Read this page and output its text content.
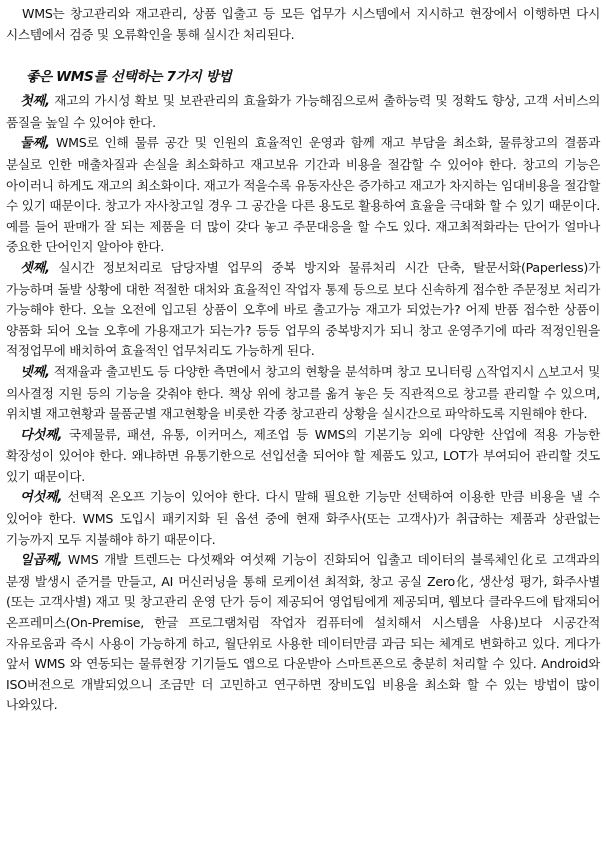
WMS는 창고관리와 재고관리, 상품 입출고 등 모든 업무가 시스템에서 지시하고 현장에서 이행하면 다시 시스템에서 검증 및 오류확인을 통해 실시간 처리된다.

좋은 WMS를 선택하는 7가지 방법

첫째, 재고의 가시성 확보 및 보관관리의 효율화가 가능해짐으로써 출하능력 및 정확도 향상, 고객 서비스의 품질을 높일 수 있어야 한다.

둘째, WMS로 인해 물류 공간 및 인원의 효율적인 운영과 함께 재고 부담을 최소화, 물류창고의 결품과 분실로 인한 매출차질과 손실을 최소화하고 재고보유 기간과 비용을 절감할 수 있어야 한다. 창고의 기능은 아이러니 하게도 재고의 최소화이다. 재고가 적을수록 유동자산은 증가하고 재고가 차지하는 임대비용을 절감할 수 있기 때문이다. 창고가 자사창고일 경우 그 공간을 다른 용도로 활용하여 효율을 극대화 할 수 있기 때문이다. 예를 들어 판매가 잘 되는 제품을 더 많이 갖다 놓고 주문대응을 할 수도 있다. 재고최적화라는 단어가 얼마나 중요한 단어인지 알아야 한다.

셋째, 실시간 정보처리로 담당자별 업무의 중복 방지와 물류처리 시간 단축, 탈문서화(Paperless)가 가능하며 돌발 상황에 대한 적절한 대처와 효율적인 작업자 통제 등으로 보다 신속하게 접수한 주문정보 처리가 가능해야 한다. 오늘 오전에 입고된 상품이 오후에 바로 출고가능 재고가 되었는가? 어제 반품 접수한 상품이 양품화 되어 오늘 오후에 가용재고가 되는가? 등등 업무의 중복방지가 되니 창고 운영주기에 따라 적정인원을 적정업무에 배치하여 효율적인 업무처리도 가능하게 된다.

넷째, 적재율과 출고빈도 등 다양한 측면에서 창고의 현황을 분석하며 창고 모니터링 △작업지시 △보고서 및 의사결정 지원 등의 기능을 갖춰야 한다. 책상 위에 창고를 옮겨 놓은 듯 직관적으로 창고를 관리할 수 있으며, 위치별 재고현황과 물품군별 재고현황을 비롯한 각종 창고관리 상황을 실시간으로 파악하도록 지원해야 한다.

다섯째, 국제물류, 패션, 유통, 이커머스, 제조업 등 WMS의 기본기능 외에 다양한 산업에 적용 가능한 확장성이 있어야 한다. 왜냐하면 유통기한으로 선입선출 되어야 할 제품도 있고, LOT가 부여되어 관리할 것도 있기 때문이다.

여섯째, 선택적 온오프 기능이 있어야 한다. 다시 말해 필요한 기능만 선택하여 이용한 만큼 비용을 낼 수 있어야 한다. WMS 도입시 패키지화 된 옵션 중에 현재 화주사(또는 고객사)가 취급하는 제품과 상관없는 기능까지 모두 지불해야 하기 때문이다.

일곱째, WMS 개발 트렌드는 다섯째와 여섯째 기능이 진화되어 입출고 데이터의 블록체인化로 고객과의 분쟁 발생시 준거를 만들고, AI 머신러닝을 통해 로케이션 최적화, 창고 공실 Zero化, 생산성 평가, 화주사별(또는 고객사별) 재고 및 창고관리 운영 단가 등이 제공되어 영업팀에게 제공되며, 웹보다 클라우드에 탑재되어 온프레미스(On-Premise, 한글 프로그램처럼 작업자 컴퓨터에 설치해서 시스템을 사용)보다 시공간적 자유로움과 즉시 사용이 가능하게 하고, 월단위로 사용한 데이터만큼 과금 되는 체계로 변화하고 있다. 게다가 앞서 WMS 와 연동되는 물류현장 기기들도 앱으로 다운받아 스마트폰으로 충분히 처리할 수 있다. Android와 ISO버전으로 개발되었으니 조금만 더 고민하고 연구하면 장비도입 비용을 최소화 할 수 있는 방법이 많이 나와있다.
